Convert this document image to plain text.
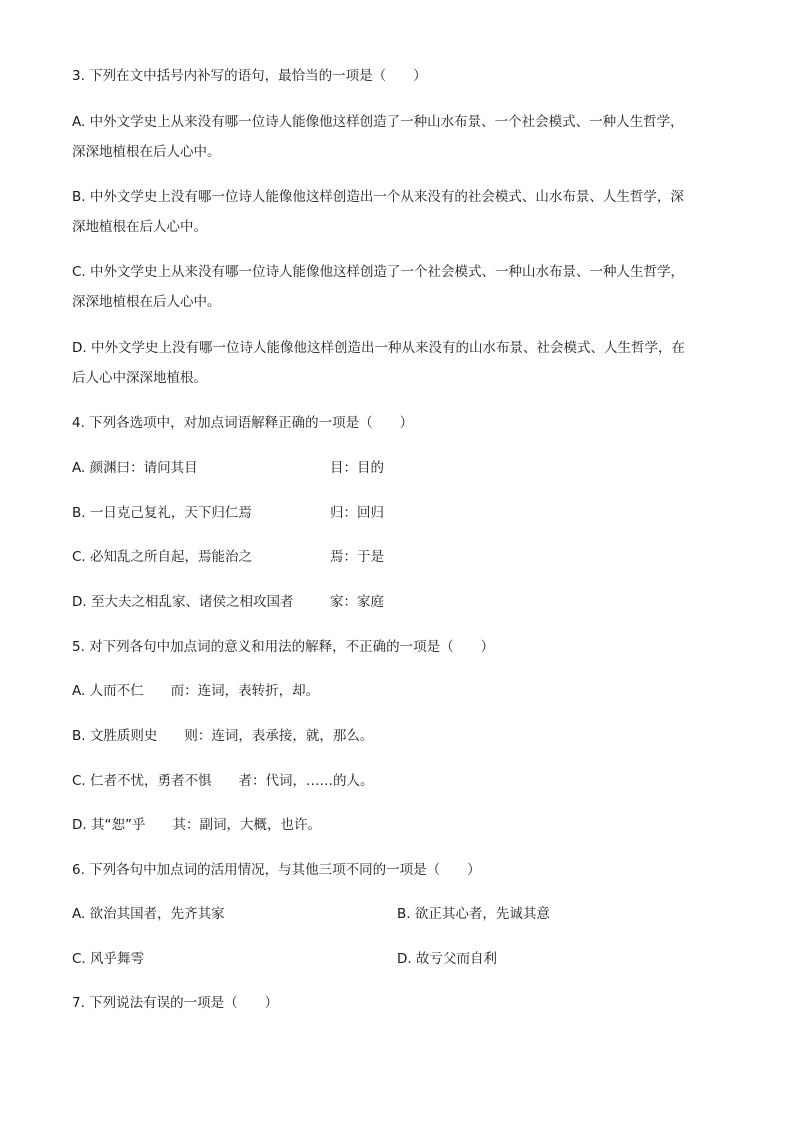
3. 下列在文中括号内补写的语句，最恰当的一项是（　　）
A. 中外文学史上从来没有哪一位诗人能像他这样创造了一种山水布景、一个社会模式、一种人生哲学，
深深地植根在后人心中。
B. 中外文学史上没有哪一位诗人能像他这样创造出一个从来没有的社会模式、山水布景、人生哲学，深
深地植根在后人心中。
C. 中外文学史上从来没有哪一位诗人能像他这样创造了一个社会模式、一种山水布景、一种人生哲学，
深深地植根在后人心中。
D. 中外文学史上没有哪一位诗人能像他这样创造出一种从来没有的山水布景、社会模式、人生哲学，在
后人心中深深地植根。
4. 下列各选项中，对加点词语解释正确的一项是（　　）
A. 颜渊曰：请问其目	目：目的
B. 一日克己复礼，天下归仁焉	归：回归
C. 必知乱之所自起，焉能治之	焉：于是
D. 至大夫之相乱家、诸侯之相攻国者	家：家庭
5. 对下列各句中加点词的意义和用法的解释，不正确的一项是（　　）
A. 人而不仁　　而：连词，表转折，却。
B. 文胜质则史　　则：连词，表承接，就，那么。
C. 仁者不忧，勇者不惧　　者：代词，……的人。
D. 其“恕”乎　　其：副词，大概，也许。
6. 下列各句中加点词的活用情况，与其他三项不同的一项是（　　）
A. 欲治其国者，先齐其家	B. 欲正其心者，先诚其意
C. 风乎舞雩	D. 故亏父而自利
7. 下列说法有误的一项是（　　）
